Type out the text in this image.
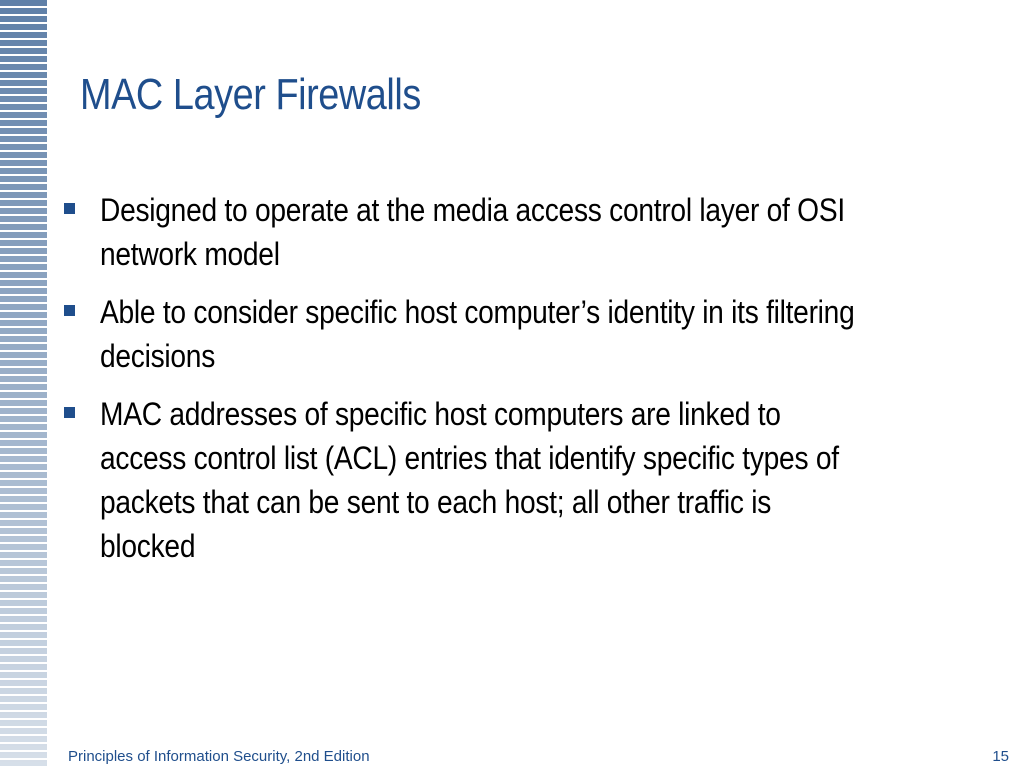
MAC Layer Firewalls
Designed to operate at the media access control layer of OSI network model
Able to consider specific host computer’s identity in its filtering decisions
MAC addresses of specific host computers are linked to access control list (ACL) entries that identify specific types of packets that can be sent to each host; all other traffic is blocked
Principles of Information Security, 2nd Edition	15
